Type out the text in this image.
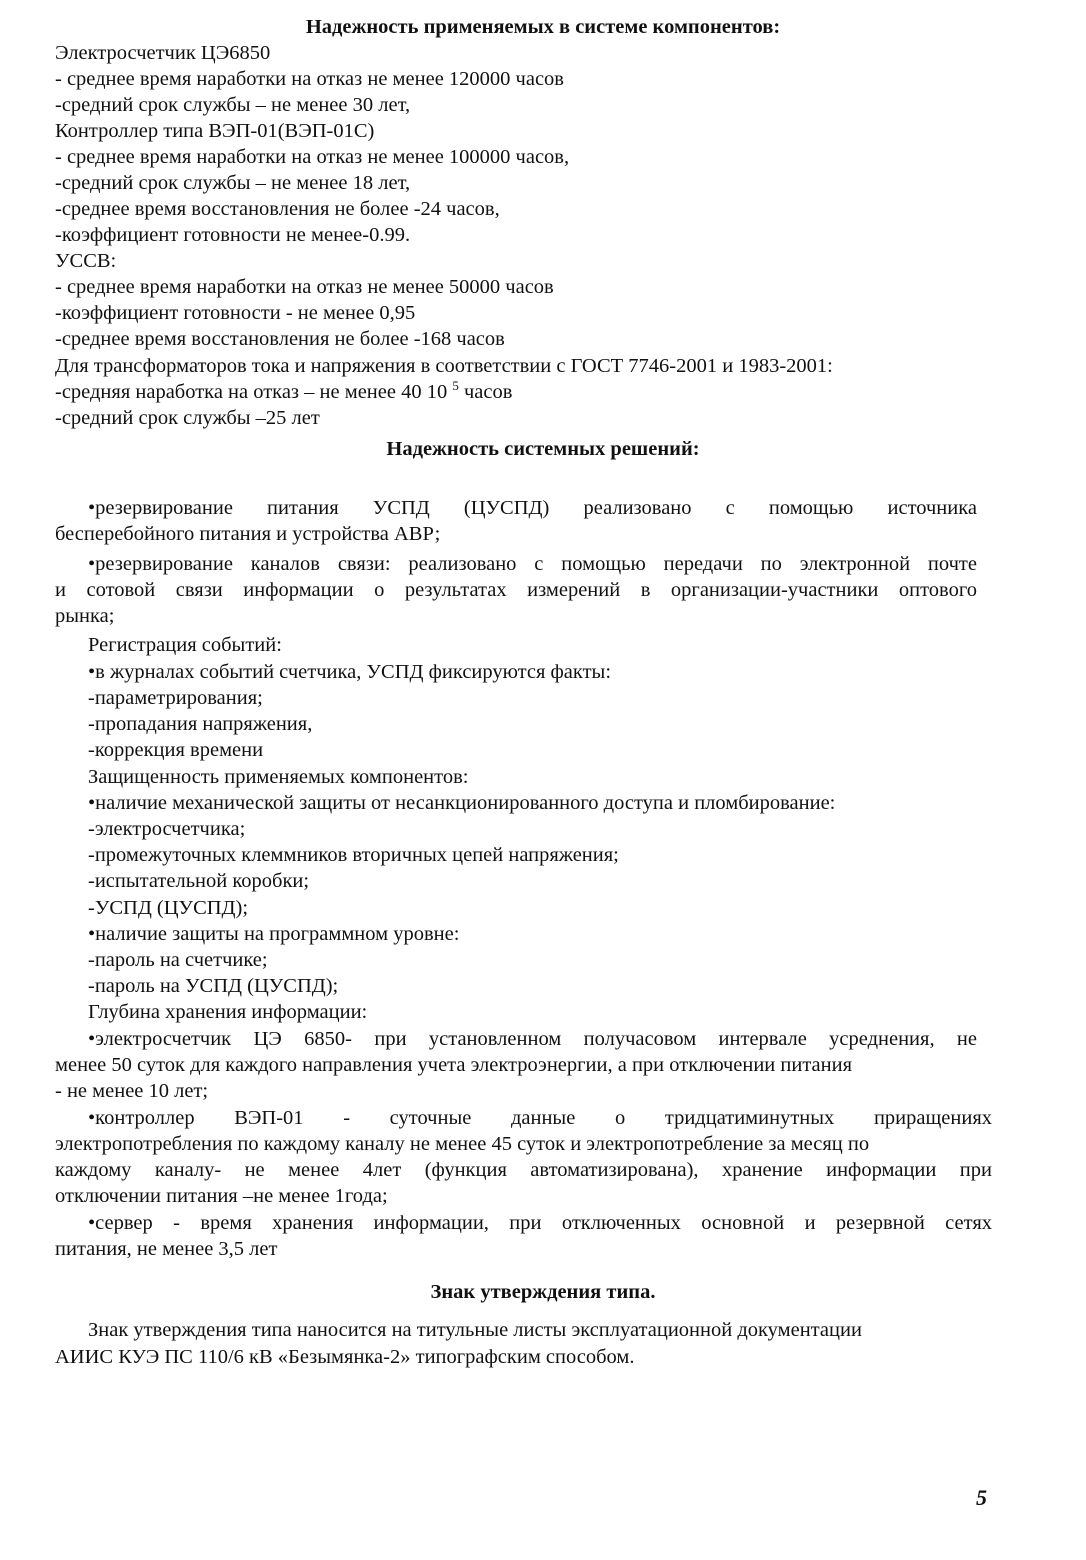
Надежность применяемых в системе компонентов:
Электросчетчик ЦЭ6850
- среднее время наработки на отказ не менее 120000 часов
-средний срок службы – не менее 30 лет,
Контроллер типа ВЭП-01(ВЭП-01С)
- среднее время наработки на отказ не менее 100000 часов,
-средний срок службы – не менее 18 лет,
-среднее время восстановления не более -24 часов,
-коэффициент готовности не менее-0.99.
УССВ:
- среднее время наработки на отказ не менее 50000 часов
-коэффициент готовности - не менее 0,95
-среднее время восстановления не более -168 часов
Для трансформаторов тока и напряжения в соответствии с ГОСТ 7746-2001 и 1983-2001:
-средняя наработка на отказ – не менее 40 10 $^5$ часов
-средний срок службы –25 лет
Надежность системных решений:
•резервирование питания УСПД (ЦУСПД) реализовано с помощью источника
бесперебойного питания и устройства АВР;
•резервирование каналов связи: реализовано с помощью передачи по электронной почте
и сотовой связи информации о результатах измерений в организации-участники оптового
рынка;
Регистрация событий:
•в журналах событий счетчика, УСПД фиксируются факты:
-параметрирования;
-пропадания напряжения,
-коррекция времени
Защищенность применяемых компонентов:
•наличие механической защиты от несанкционированного доступа и пломбирование:
-электросчетчика;
-промежуточных клеммников вторичных цепей напряжения;
-испытательной коробки;
-УСПД (ЦУСПД);
•наличие защиты на программном уровне:
-пароль на счетчике;
-пароль на УСПД (ЦУСПД);
Глубина хранения информации:
•электросчетчик ЦЭ 6850- при установленном получасовом интервале усреднения, не
менее 50 суток для каждого направления учета электроэнергии, а при отключении питания
- не менее 10 лет;
•контроллер ВЭП-01 - суточные данные о тридцатиминутных приращениях
электропотребления по каждому каналу не менее 45 суток и электропотребление за месяц по
каждому каналу- не менее 4лет (функция автоматизирована), хранение информации при
отключении питания –не менее 1года;
•сервер - время хранения информации, при отключенных основной и резервной сетях
питания, не менее 3,5 лет
Знак утверждения типа.
Знак утверждения типа наносится на титульные листы эксплуатационной документации
АИИС КУЭ ПС 110/6 кВ «Безымянка-2» типографским способом.
5
